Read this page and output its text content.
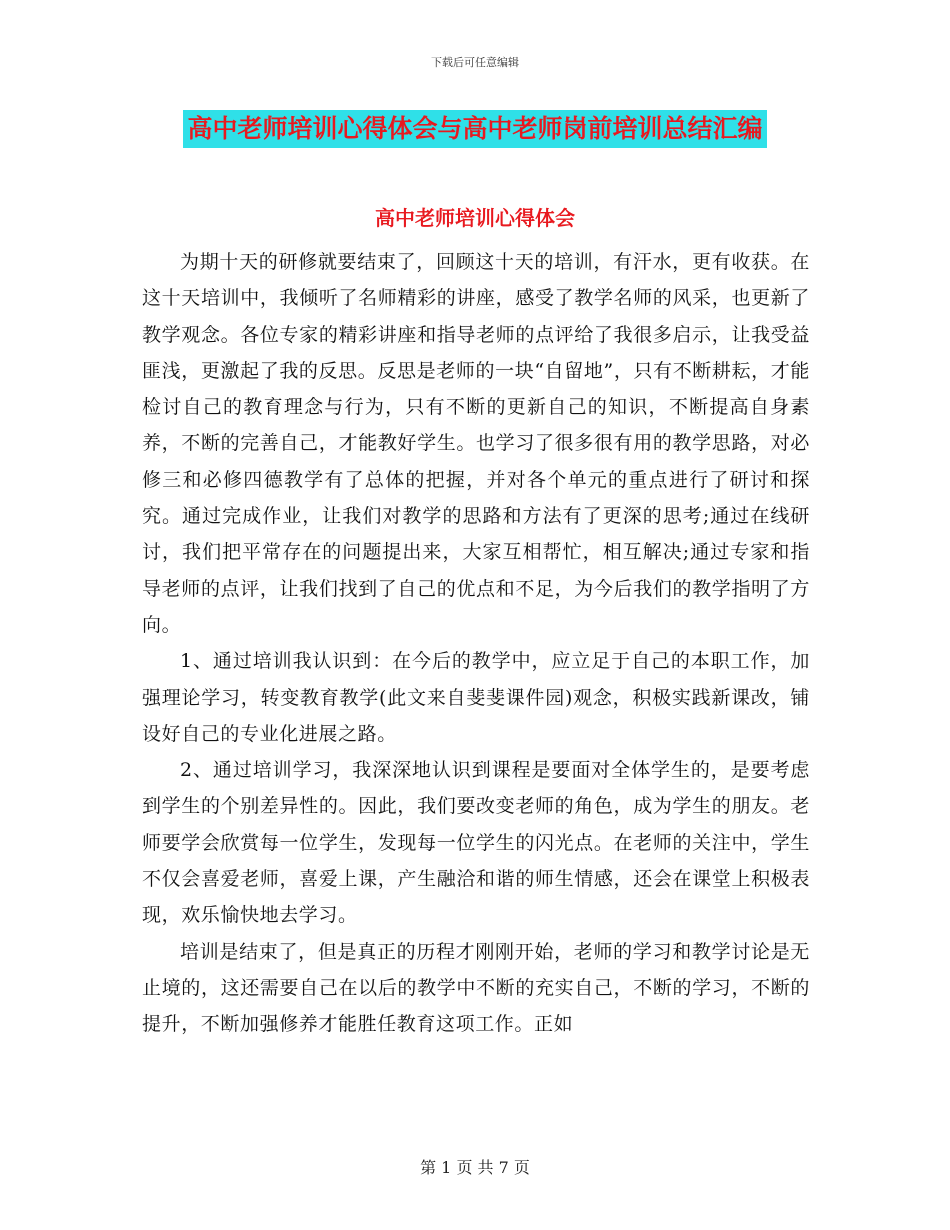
下载后可任意编辑
高中老师培训心得体会与高中老师岗前培训总结汇编
高中老师培训心得体会

为期十天的研修就要结束了，回顾这十天的培训，有汗水，更有收获。在这十天培训中，我倾听了名师精彩的讲座，感受了教学名师的风采，也更新了教学观念。各位专家的精彩讲座和指导老师的点评给了我很多启示，让我受益匪浅，更激起了我的反思。反思是老师的一块“自留地”，只有不断耕耘，才能检讨自己的教育理念与行为，只有不断的更新自己的知识，不断提高自身素养，不断的完善自己，才能教好学生。也学习了很多很有用的教学思路，对必修三和必修四德教学有了总体的把握，并对各个单元的重点进行了研讨和探究。通过完成作业，让我们对教学的思路和方法有了更深的思考;通过在线研讨，我们把平常存在的问题提出来，大家互相帮忙，相互解决;通过专家和指导老师的点评，让我们找到了自己的优点和不足，为今后我们的教学指明了方向。

1、通过培训我认识到：在今后的教学中，应立足于自己的本职工作，加强理论学习，转变教育教学(此文来自斐斐课件园)观念，积极实践新课改，铺设好自己的专业化进展之路。

2、通过培训学习，我深深地认识到课程是要面对全体学生的，是要考虑到学生的个别差异性的。因此，我们要改变老师的角色，成为学生的朋友。老师要学会欣赏每一位学生，发现每一位学生的闪光点。在老师的关注中，学生不仅会喜爱老师，喜爱上课，产生融洽和谐的师生情感，还会在课堂上积极表现，欢乐愉快地去学习。

培训是结束了，但是真正的历程才刚刚开始，老师的学习和教学讨论是无止境的，这还需要自己在以后的教学中不断的充实自己，不断的学习，不断的提升，不断加强修养才能胜任教育这项工作。正如

第 1 页 共 7 页
